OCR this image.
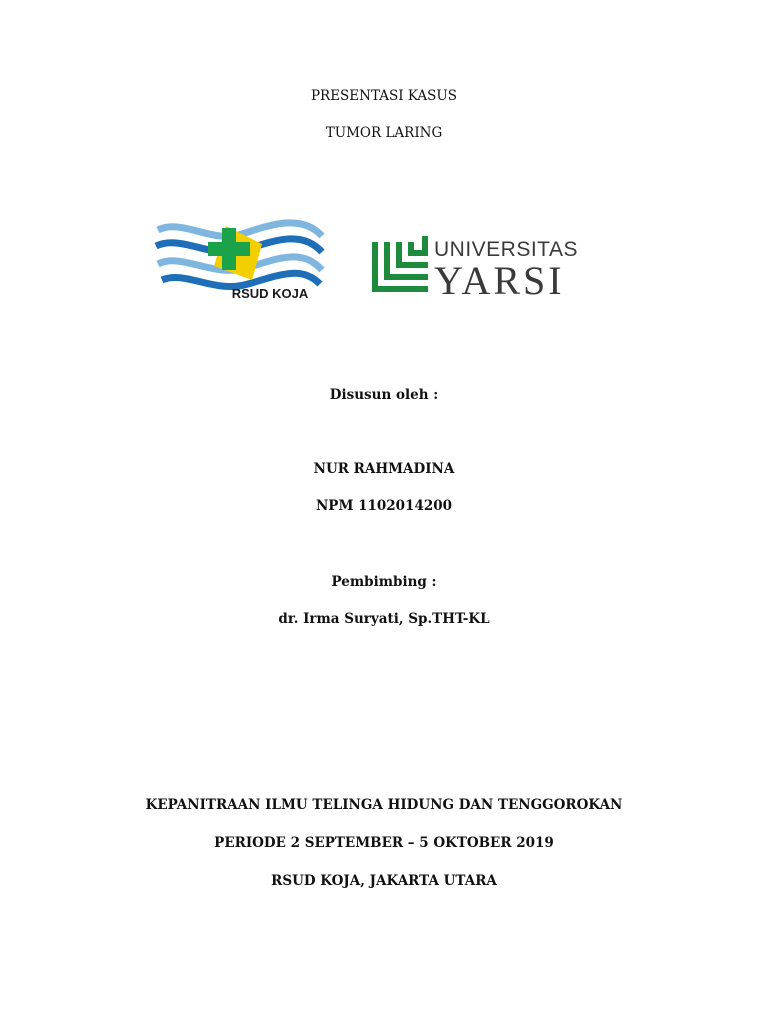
PRESENTASI KASUS
TUMOR LARING
RSUD KOJA
UNIVERSITAS
YARSI
Disusun oleh :
NUR RAHMADINA
NPM 1102014200
Pembimbing :
dr. Irma Suryati, Sp.THT-KL
KEPANITRAAN ILMU TELINGA HIDUNG DAN TENGGOROKAN
PERIODE 2 SEPTEMBER – 5 OKTOBER 2019
RSUD KOJA, JAKARTA UTARA
